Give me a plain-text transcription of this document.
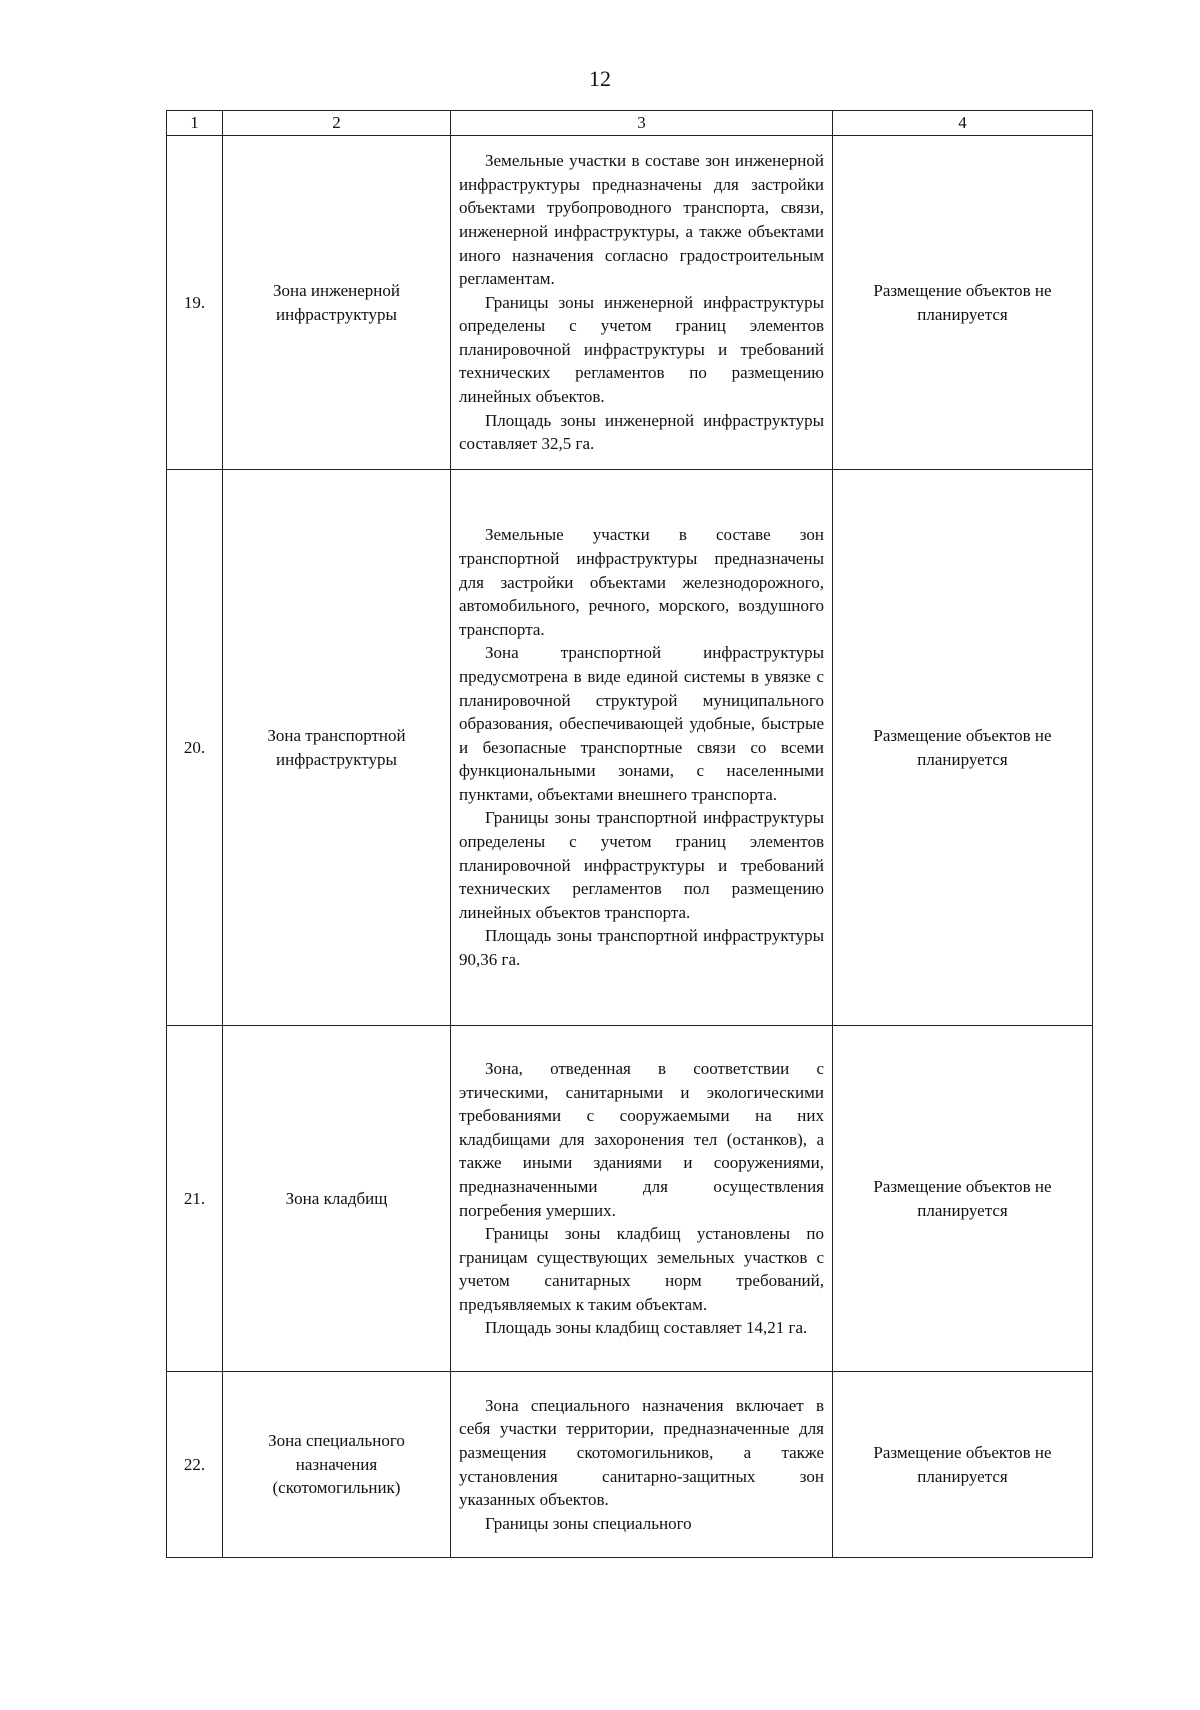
12
1	2	3	4
19.	Зона инженерной инфраструктуры	Земельные участки в составе зон инженерной инфраструктуры предназначены для застройки объектами трубопроводного транспорта, связи, инженерной инфраструктуры, а также объектами иного назначения согласно градостроительным регламентам.

Границы зоны инженерной инфраструктуры определены с учетом границ элементов планировочной инфраструктуры и требований технических регламентов по размещению линейных объектов.

Площадь зоны инженерной инфраструктуры составляет 32,5 га.	Размещение объектов не планируется
20.	Зона транспортной инфраструктуры	Земельные участки в составе зон транспортной инфраструктуры предназначены для застройки объектами железнодорожного, автомобильного, речного, морского, воздушного транспорта.

Зона транспортной инфраструктуры предусмотрена в виде единой системы в увязке с планировочной структурой муниципального образования, обеспечивающей удобные, быстрые и безопасные транспортные связи со всеми функциональными зонами, с населенными пунктами, объектами внешнего транспорта.

Границы зоны транспортной инфраструктуры определены с учетом границ элементов планировочной инфраструктуры и требований технических регламентов пол размещению линейных объектов транспорта.

Площадь зоны транспортной инфраструктуры 90,36 га.	Размещение объектов не планируется
21.	Зона кладбищ	Зона, отведенная в соответствии с этическими, санитарными и экологическими требованиями с сооружаемыми на них кладбищами для захоронения тел (останков), а также иными зданиями и сооружениями, предназначенными для осуществления погребения умерших.

Границы зоны кладбищ установлены по границам существующих земельных участков с учетом санитарных норм требований, предъявляемых к таким объектам.

Площадь зоны кладбищ составляет 14,21 га.	Размещение объектов не планируется
22.	Зона специального назначения (скотомогильник)	Зона специального назначения включает в себя участки территории, предназначенные для размещения скотомогильников, а также установления санитарно-защитных зон указанных объектов.

Границы зоны специального	Размещение объектов не планируется
